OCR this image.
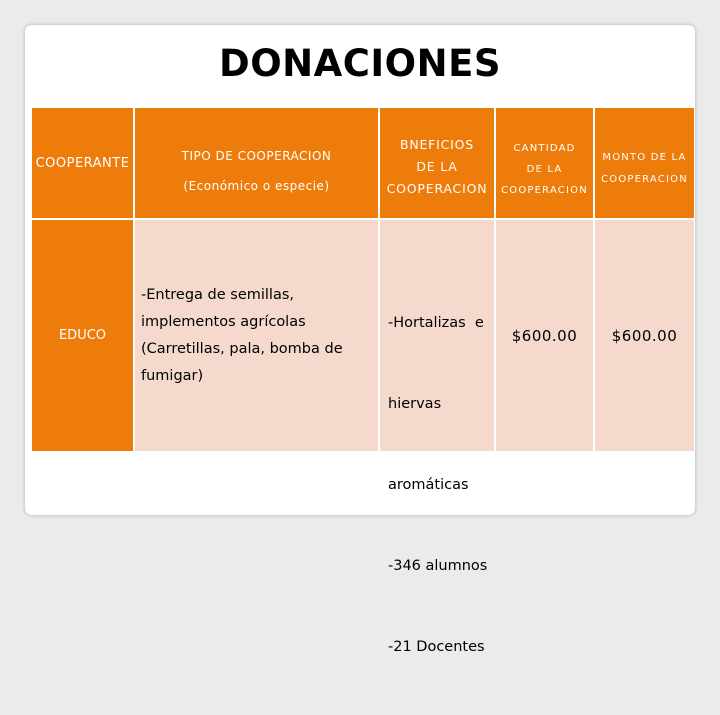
DONACIONES
COOPERANTE	TIPO DE COOPERACION
(Económico o especie)
BNEFICIOS
DE LA
COOPERACION
CANTIDAD
DE LA
COOPERACION
MONTO DE LA
COOPERACION
EDUCO
-Entrega de semillas,
implementos agrícolas
(Carretillas, pala, bomba de
fumigar)

-Hortalizas  e

hiervas

aromáticas

-346 alumnos

-21 Docentes

$600.00 $600.00
